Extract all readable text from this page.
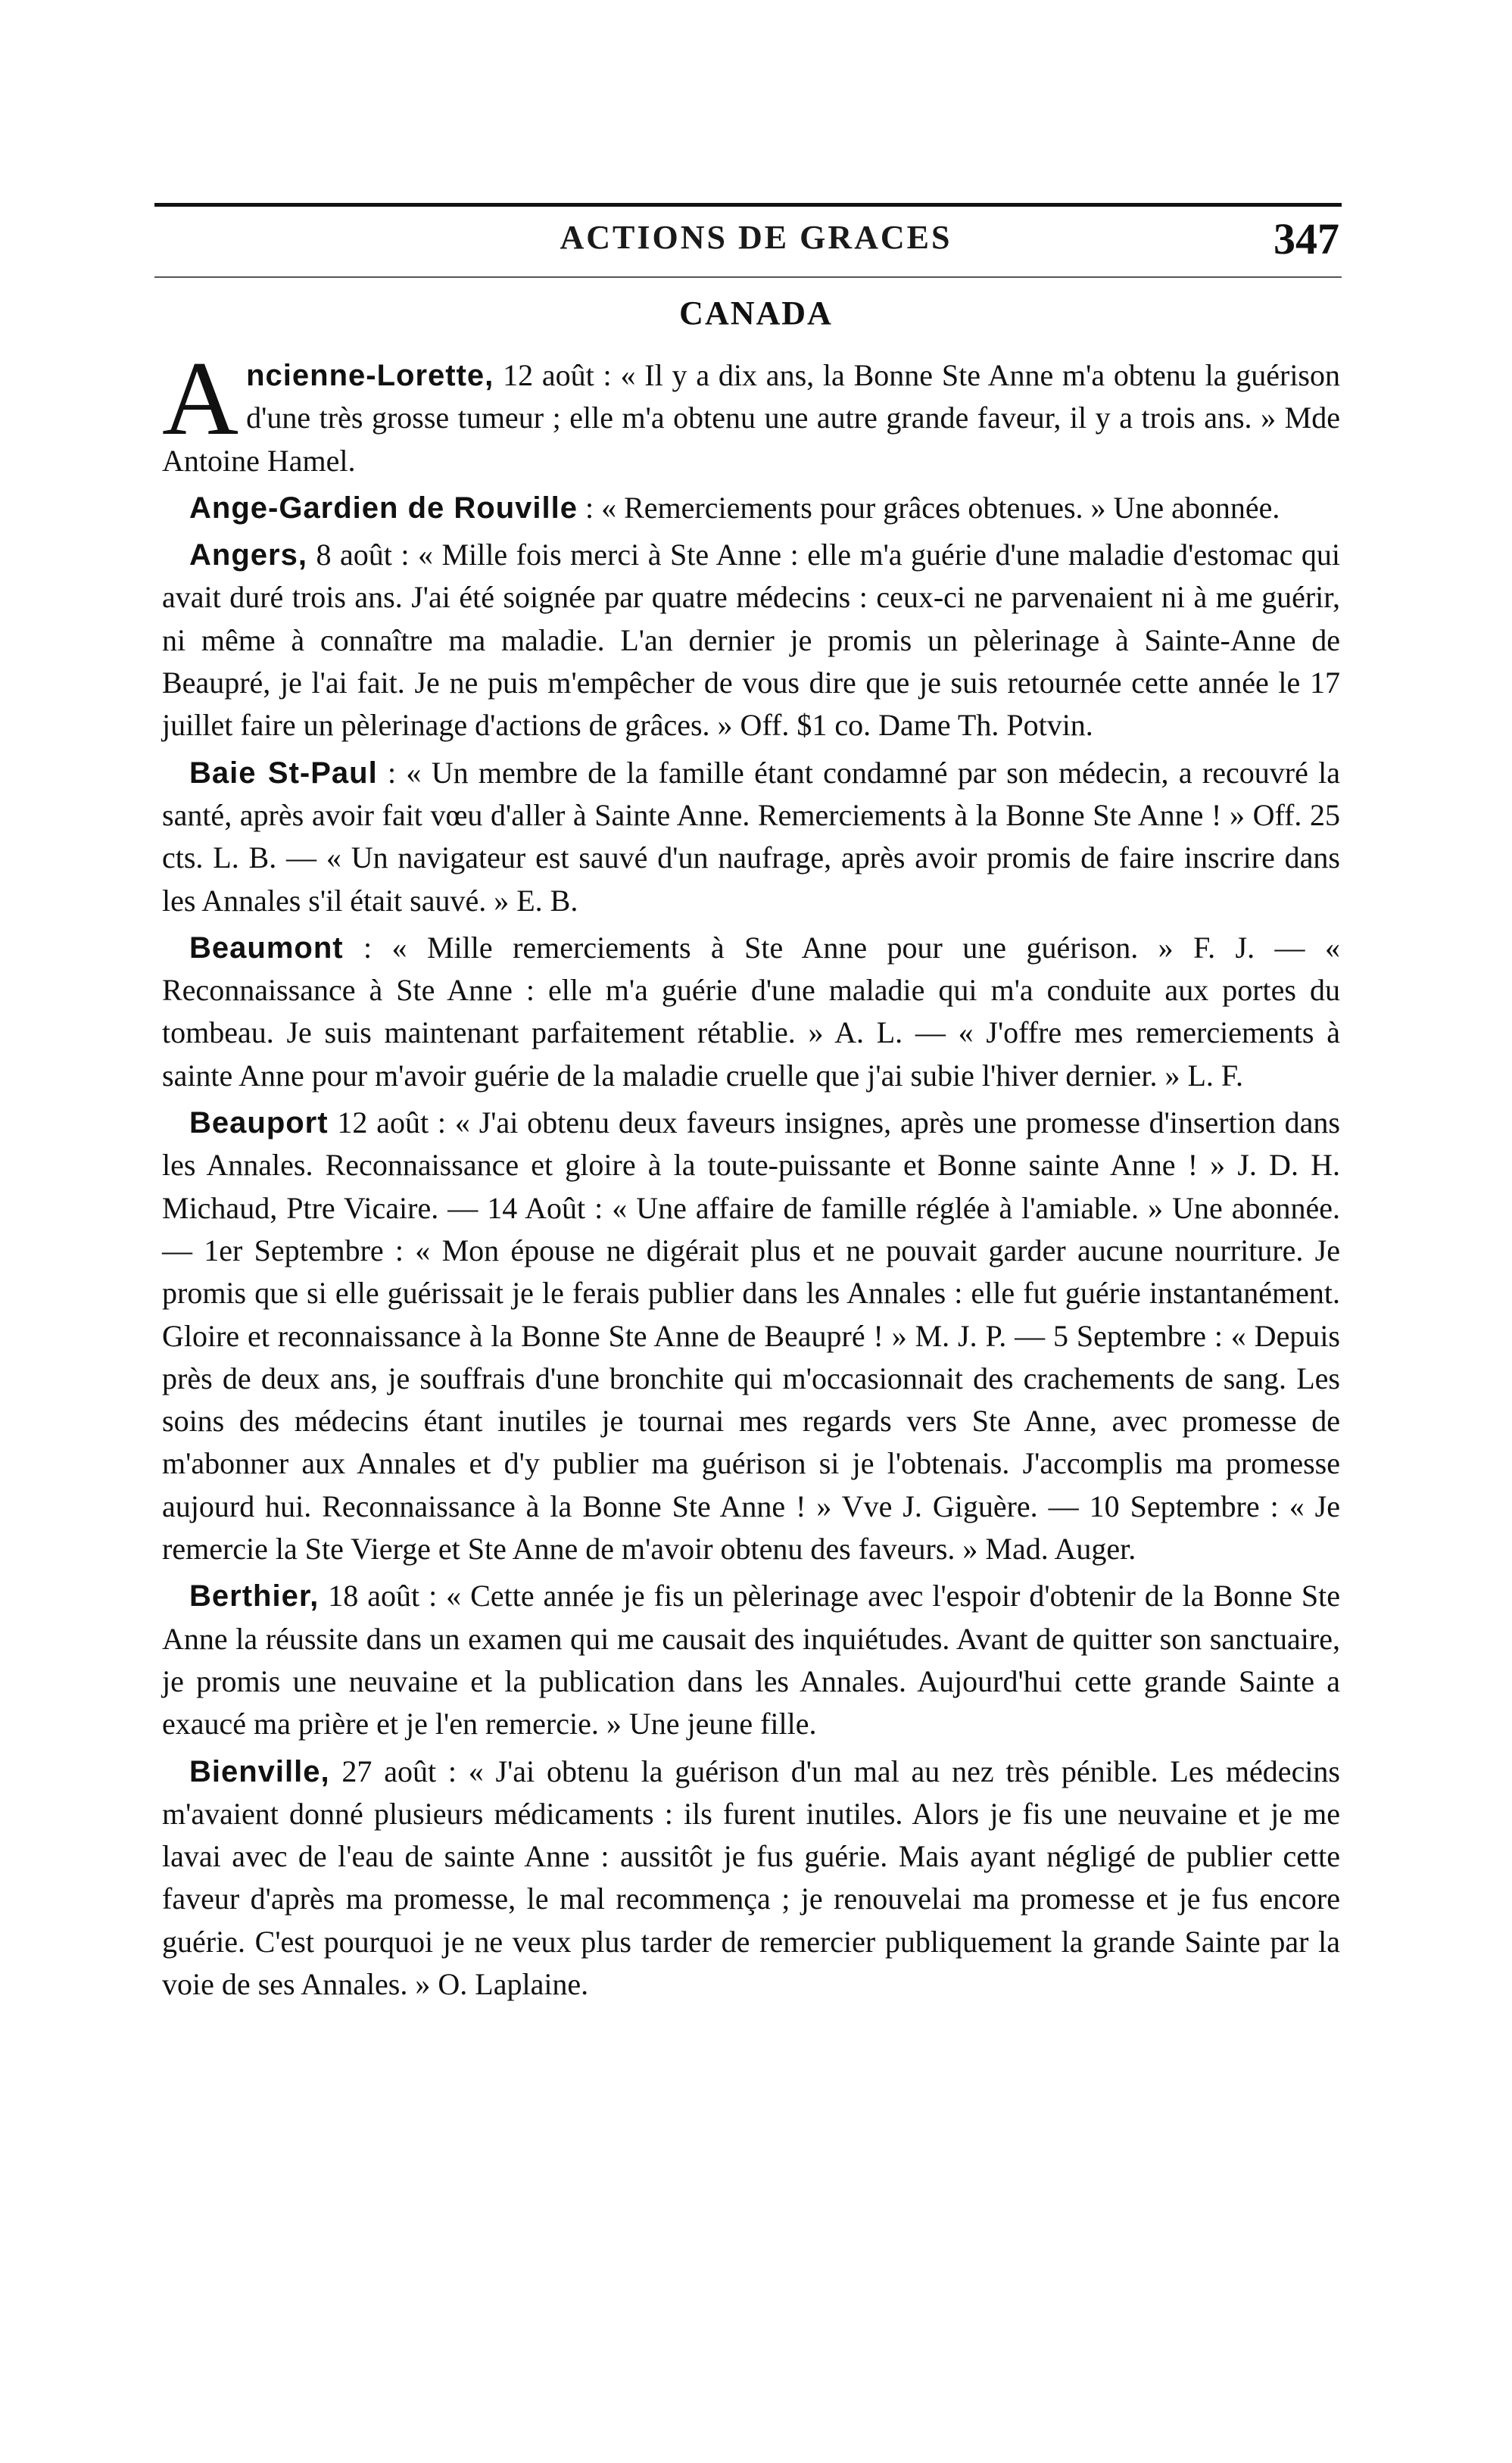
ACTIONS DE GRACES	347
CANADA

Ancienne-Lorette, 12 août : « Il y a dix ans, la Bonne Ste Anne m'a obtenu la guérison d'une très grosse tumeur ; elle m'a obtenu une autre grande faveur, il y a trois ans. » Mde Antoine Hamel.

Ange-Gardien de Rouville : « Remerciements pour grâces obtenues. » Une abonnée.

Angers, 8 août : « Mille fois merci à Ste Anne : elle m'a guérie d'une maladie d'estomac qui avait duré trois ans. J'ai été soignée par quatre médecins : ceux-ci ne parvenaient ni à me guérir, ni même à connaître ma maladie. L'an dernier je promis un pèlerinage à Sainte-Anne de Beaupré, je l'ai fait. Je ne puis m'empêcher de vous dire que je suis retournée cette année le 17 juillet faire un pèlerinage d'actions de grâces. » Off. $1 co. Dame Th. Potvin.

Baie St-Paul : « Un membre de la famille étant condamné par son médecin, a recouvré la santé, après avoir fait vœu d'aller à Sainte Anne. Remerciements à la Bonne Ste Anne ! » Off. 25 cts. L. B. — « Un navigateur est sauvé d'un naufrage, après avoir promis de faire inscrire dans les Annales s'il était sauvé. » E. B.

Beaumont : « Mille remerciements à Ste Anne pour une guérison. » F. J. — « Reconnaissance à Ste Anne : elle m'a guérie d'une maladie qui m'a conduite aux portes du tombeau. Je suis maintenant parfaitement rétablie. » A. L. — « J'offre mes remerciements à sainte Anne pour m'avoir guérie de la maladie cruelle que j'ai subie l'hiver dernier. » L. F.

Beauport 12 août : « J'ai obtenu deux faveurs insignes, après une promesse d'insertion dans les Annales. Reconnaissance et gloire à la toute-puissante et Bonne sainte Anne ! » J. D. H. Michaud, Ptre Vicaire. — 14 Août : « Une affaire de famille réglée à l'amiable. » Une abonnée. — 1er Septembre : « Mon épouse ne digérait plus et ne pouvait garder aucune nourriture. Je promis que si elle guérissait je le ferais publier dans les Annales : elle fut guérie instantanément. Gloire et reconnaissance à la Bonne Ste Anne de Beaupré ! » M. J. P. — 5 Septembre : « Depuis près de deux ans, je souffrais d'une bronchite qui m'occasionnait des crachements de sang. Les soins des médecins étant inutiles je tournai mes regards vers Ste Anne, avec promesse de m'abonner aux Annales et d'y publier ma guérison si je l'obtenais. J'accomplis ma promesse aujourd hui. Reconnaissance à la Bonne Ste Anne ! » Vve J. Giguère. — 10 Septembre : « Je remercie la Ste Vierge et Ste Anne de m'avoir obtenu des faveurs. » Mad. Auger.

Berthier, 18 août : « Cette année je fis un pèlerinage avec l'espoir d'obtenir de la Bonne Ste Anne la réussite dans un examen qui me causait des inquiétudes. Avant de quitter son sanctuaire, je promis une neuvaine et la publication dans les Annales. Aujourd'hui cette grande Sainte a exaucé ma prière et je l'en remercie. » Une jeune fille.

Bienville, 27 août : « J'ai obtenu la guérison d'un mal au nez très pénible. Les médecins m'avaient donné plusieurs médicaments : ils furent inutiles. Alors je fis une neuvaine et je me lavai avec de l'eau de sainte Anne : aussitôt je fus guérie. Mais ayant négligé de publier cette faveur d'après ma promesse, le mal recommença ; je renouvelai ma promesse et je fus encore guérie. C'est pourquoi je ne veux plus tarder de remercier publiquement la grande Sainte par la voie de ses Annales. » O. Laplaine.
